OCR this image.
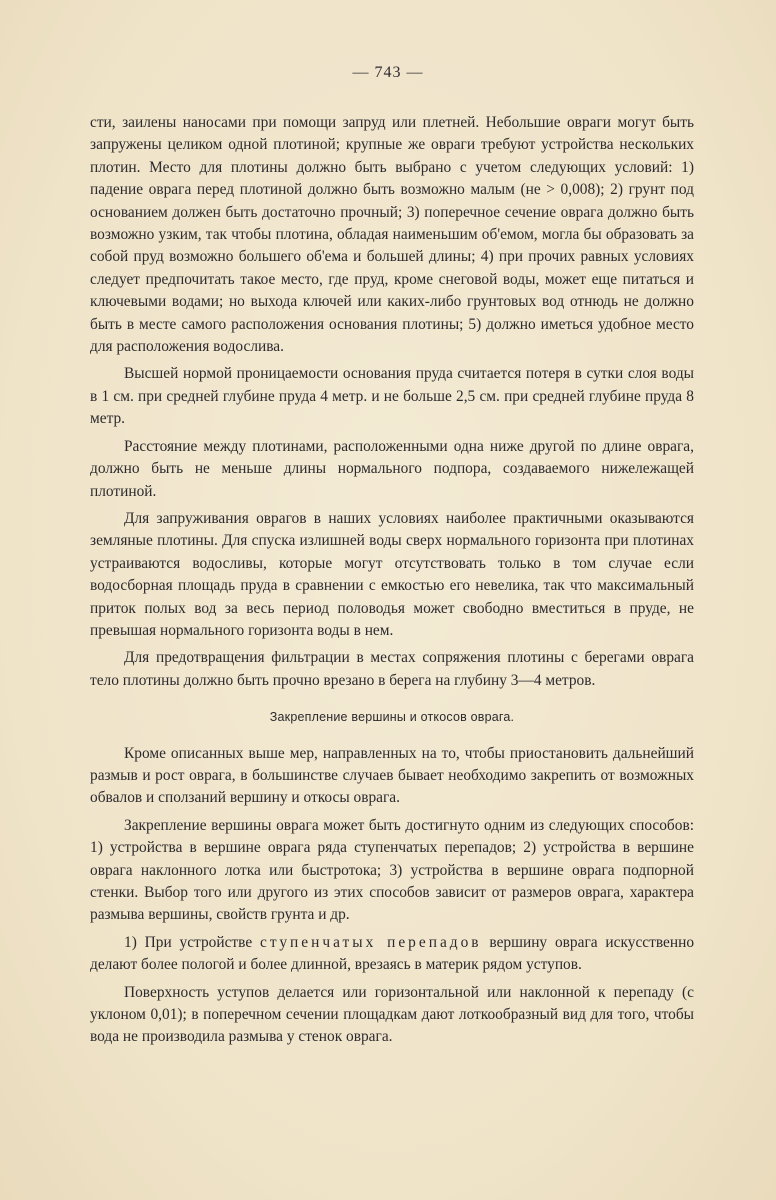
— 743 —

сти, заилены наносами при помощи запруд или плетней. Небольшие овраги могут быть запружены целиком одной плотиной; крупные же овраги требуют устройства нескольких плотин. Место для плотины должно быть выбрано с учетом следующих условий: 1) падение оврага перед плотиной должно быть возможно малым (не > 0,008); 2) грунт под основанием должен быть достаточно прочный; 3) поперечное сечение оврага должно быть возможно узким, так чтобы плотина, обладая наименьшим об'емом, могла бы образовать за собой пруд возможно большего об'ема и большей длины; 4) при прочих равных условиях следует предпочитать такое место, где пруд, кроме снеговой воды, может еще питаться и ключевыми водами; но выхода ключей или каких-либо грунтовых вод отнюдь не должно быть в месте самого расположения основания плотины; 5) должно иметься удобное место для расположения водослива.

Высшей нормой проницаемости основания пруда считается потеря в сутки слоя воды в 1 см. при средней глубине пруда 4 метр. и не больше 2,5 см. при средней глубине пруда 8 метр.

Расстояние между плотинами, расположенными одна ниже другой по длине оврага, должно быть не меньше длины нормального подпора, создаваемого нижележащей плотиной.

Для запруживания оврагов в наших условиях наиболее практичными оказываются земляные плотины. Для спуска излишней воды сверх нормального горизонта при плотинах устраиваются водосливы, которые могут отсутствовать только в том случае если водосборная площадь пруда в сравнении с емкостью его невелика, так что максимальный приток полых вод за весь период половодья может свободно вместиться в пруде, не превышая нормального горизонта воды в нем.

Для предотвращения фильтрации в местах сопряжения плотины с берегами оврага тело плотины должно быть прочно врезано в берега на глубину 3—4 метров.

Закрепление вершины и откосов оврага.

Кроме описанных выше мер, направленных на то, чтобы приостановить дальнейший размыв и рост оврага, в большинстве случаев бывает необходимо закрепить от возможных обвалов и сползаний вершину и откосы оврага.

Закрепление вершины оврага может быть достигнуто одним из следующих способов: 1) устройства в вершине оврага ряда ступенчатых перепадов; 2) устройства в вершине оврага наклонного лотка или быстротока; 3) устройства в вершине оврага подпорной стенки. Выбор того или другого из этих способов зависит от размеров оврага, характера размыва вершины, свойств грунта и др.

1) При устройстве ступенчатых перепадов вершину оврага искусственно делают более пологой и более длинной, врезаясь в материк рядом уступов.

Поверхность уступов делается или горизонтальной или наклонной к перепаду (с уклоном 0,01); в поперечном сечении площадкам дают лоткообразный вид для того, чтобы вода не производила размыва у стенок оврага.
